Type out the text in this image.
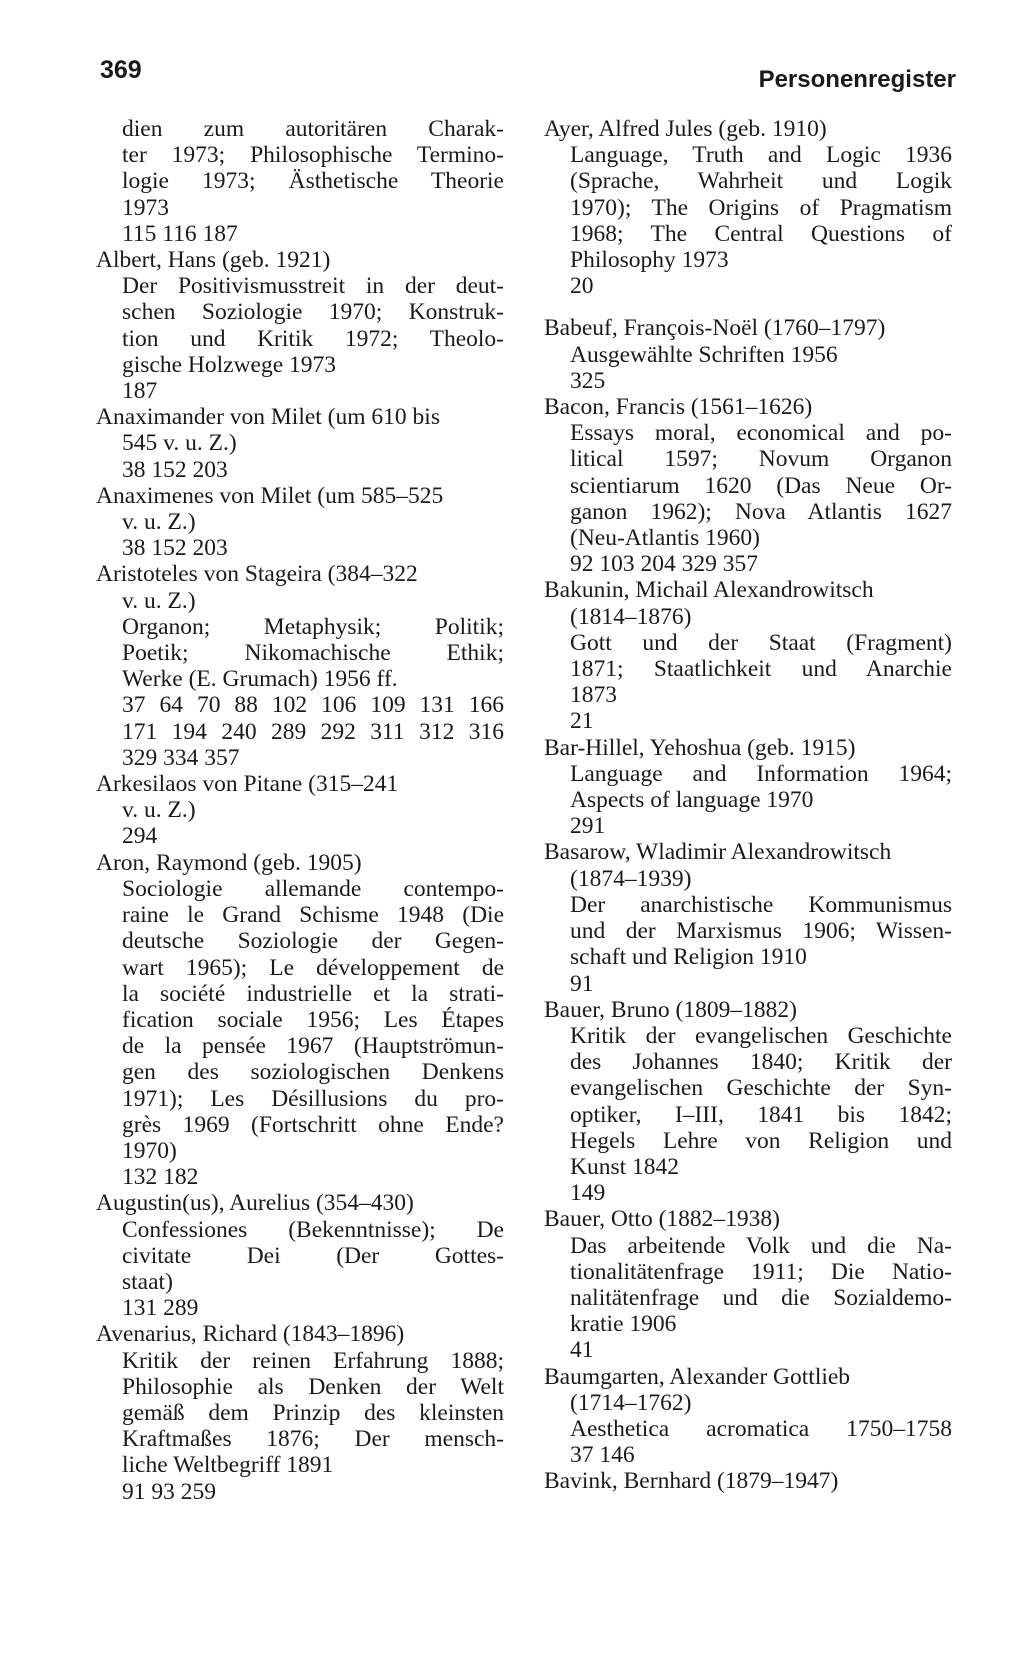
369	Personenregister
dien zum autoritären Charak-
ter 1973; Philosophische Termino-
logie 1973; Ästhetische Theorie
1973
115 116 187
Albert, Hans (geb. 1921)
Der Positivismusstreit in der deut-
schen Soziologie 1970; Konstruk-
tion und Kritik 1972; Theolo-
gische Holzwege 1973
187
Anaximander von Milet (um 610 bis
545 v. u. Z.)
38 152 203
Anaximenes von Milet (um 585–525
v. u. Z.)
38 152 203
Aristoteles von Stageira (384–322
v. u. Z.)
Organon; Metaphysik; Politik;
Poetik; Nikomachische Ethik;
Werke (E. Grumach) 1956 ff.
37 64 70 88 102 106 109 131 166
171 194 240 289 292 311 312 316
329 334 357
Arkesilaos von Pitane (315–241
v. u. Z.)
294
Aron, Raymond (geb. 1905)
Sociologie allemande contempo-
raine le Grand Schisme 1948 (Die
deutsche Soziologie der Gegen-
wart 1965); Le développement de
la société industrielle et la strati-
fication sociale 1956; Les Étapes
de la pensée 1967 (Hauptströmun-
gen des soziologischen Denkens
1971); Les Désillusions du pro-
grès 1969 (Fortschritt ohne Ende?
1970)
132 182
Augustin(us), Aurelius (354–430)
Confessiones (Bekenntnisse); De
civitate Dei (Der Gottes-
staat)
131 289
Avenarius, Richard (1843–1896)
Kritik der reinen Erfahrung 1888;
Philosophie als Denken der Welt
gemäß dem Prinzip des kleinsten
Kraftmaßes 1876; Der mensch-
liche Weltbegriff 1891
91 93 259
Ayer, Alfred Jules (geb. 1910)
Language, Truth and Logic 1936
(Sprache, Wahrheit und Logik
1970); The Origins of Pragmatism
1968; The Central Questions of
Philosophy 1973
20
Babeuf, François-Noël (1760–1797)
Ausgewählte Schriften 1956
325
Bacon, Francis (1561–1626)
Essays moral, economical and po-
litical 1597; Novum Organon
scientiarum 1620 (Das Neue Or-
ganon 1962); Nova Atlantis 1627
(Neu-Atlantis 1960)
92 103 204 329 357
Bakunin, Michail Alexandrowitsch
(1814–1876)
Gott und der Staat (Fragment)
1871; Staatlichkeit und Anarchie
1873
21
Bar-Hillel, Yehoshua (geb. 1915)
Language and Information 1964;
Aspects of language 1970
291
Basarow, Wladimir Alexandrowitsch
(1874–1939)
Der anarchistische Kommunismus
und der Marxismus 1906; Wissen-
schaft und Religion 1910
91
Bauer, Bruno (1809–1882)
Kritik der evangelischen Geschichte
des Johannes 1840; Kritik der
evangelischen Geschichte der Syn-
optiker, I–III, 1841 bis 1842;
Hegels Lehre von Religion und
Kunst 1842
149
Bauer, Otto (1882–1938)
Das arbeitende Volk und die Na-
tionalitätenfrage 1911; Die Natio-
nalitätenfrage und die Sozialdemo-
kratie 1906
41
Baumgarten, Alexander Gottlieb
(1714–1762)
Aesthetica acromatica 1750–1758
37 146
Bavink, Bernhard (1879–1947)
